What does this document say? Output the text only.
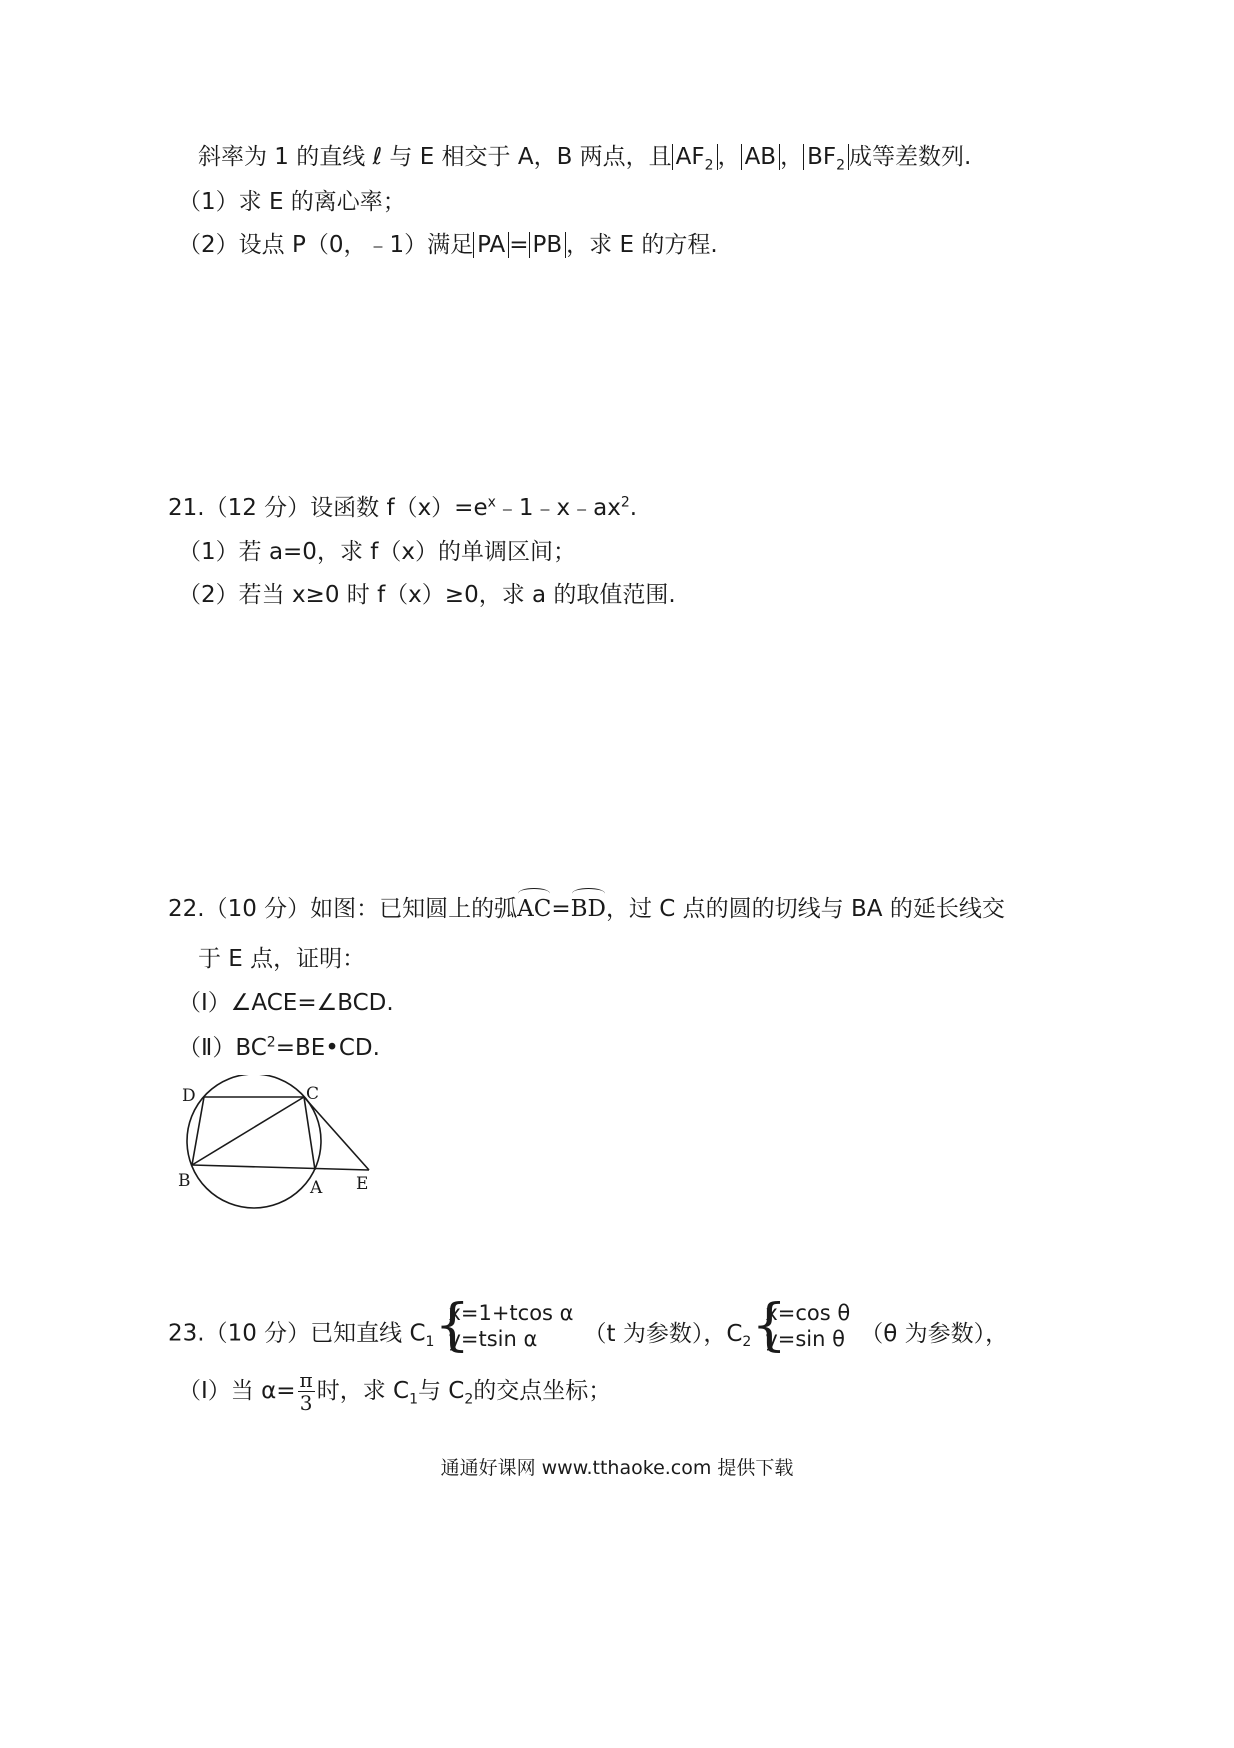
斜率为 1 的直线 ℓ 与 E 相交于 A，B 两点，且 $AF_2$ ， AB ， $BF_2$ 成等差数列.
（1）求 E 的离心率；
（2）设点 P（0，﹣1）满足 PA = PB ，求 E 的方程.
21.（12 分）设函数 $f(x)=e^x﹣1﹣x﹣ax^2$.
（1）若 a=0，求 f（x）的单调区间；
（2）若当 x≥0 时 f（x）≥0，求 a 的取值范围.
22.（10 分）如图：已知圆上的弧AC=BD，过 C 点的圆的切线与 BA 的延长线交
于 E 点，证明：
（Ⅰ）∠ACE=∠BCD.
$(Ⅱ)BC^2=BE•CD$.
D	C
B	A E
23.（10 分）已知直线 $C_1$ {
x=1+tcos α
y=tsin α	（t 为参数），$C_2$ {
x=cos θ
y=sin θ （θ 为参数），
（Ⅰ）当 $\alpha= \frac{\pi}{3}$ 时，求 $C_1$与 $C_2$的交点坐标；
通通好课网 www.tthaoke.com 提供下载
